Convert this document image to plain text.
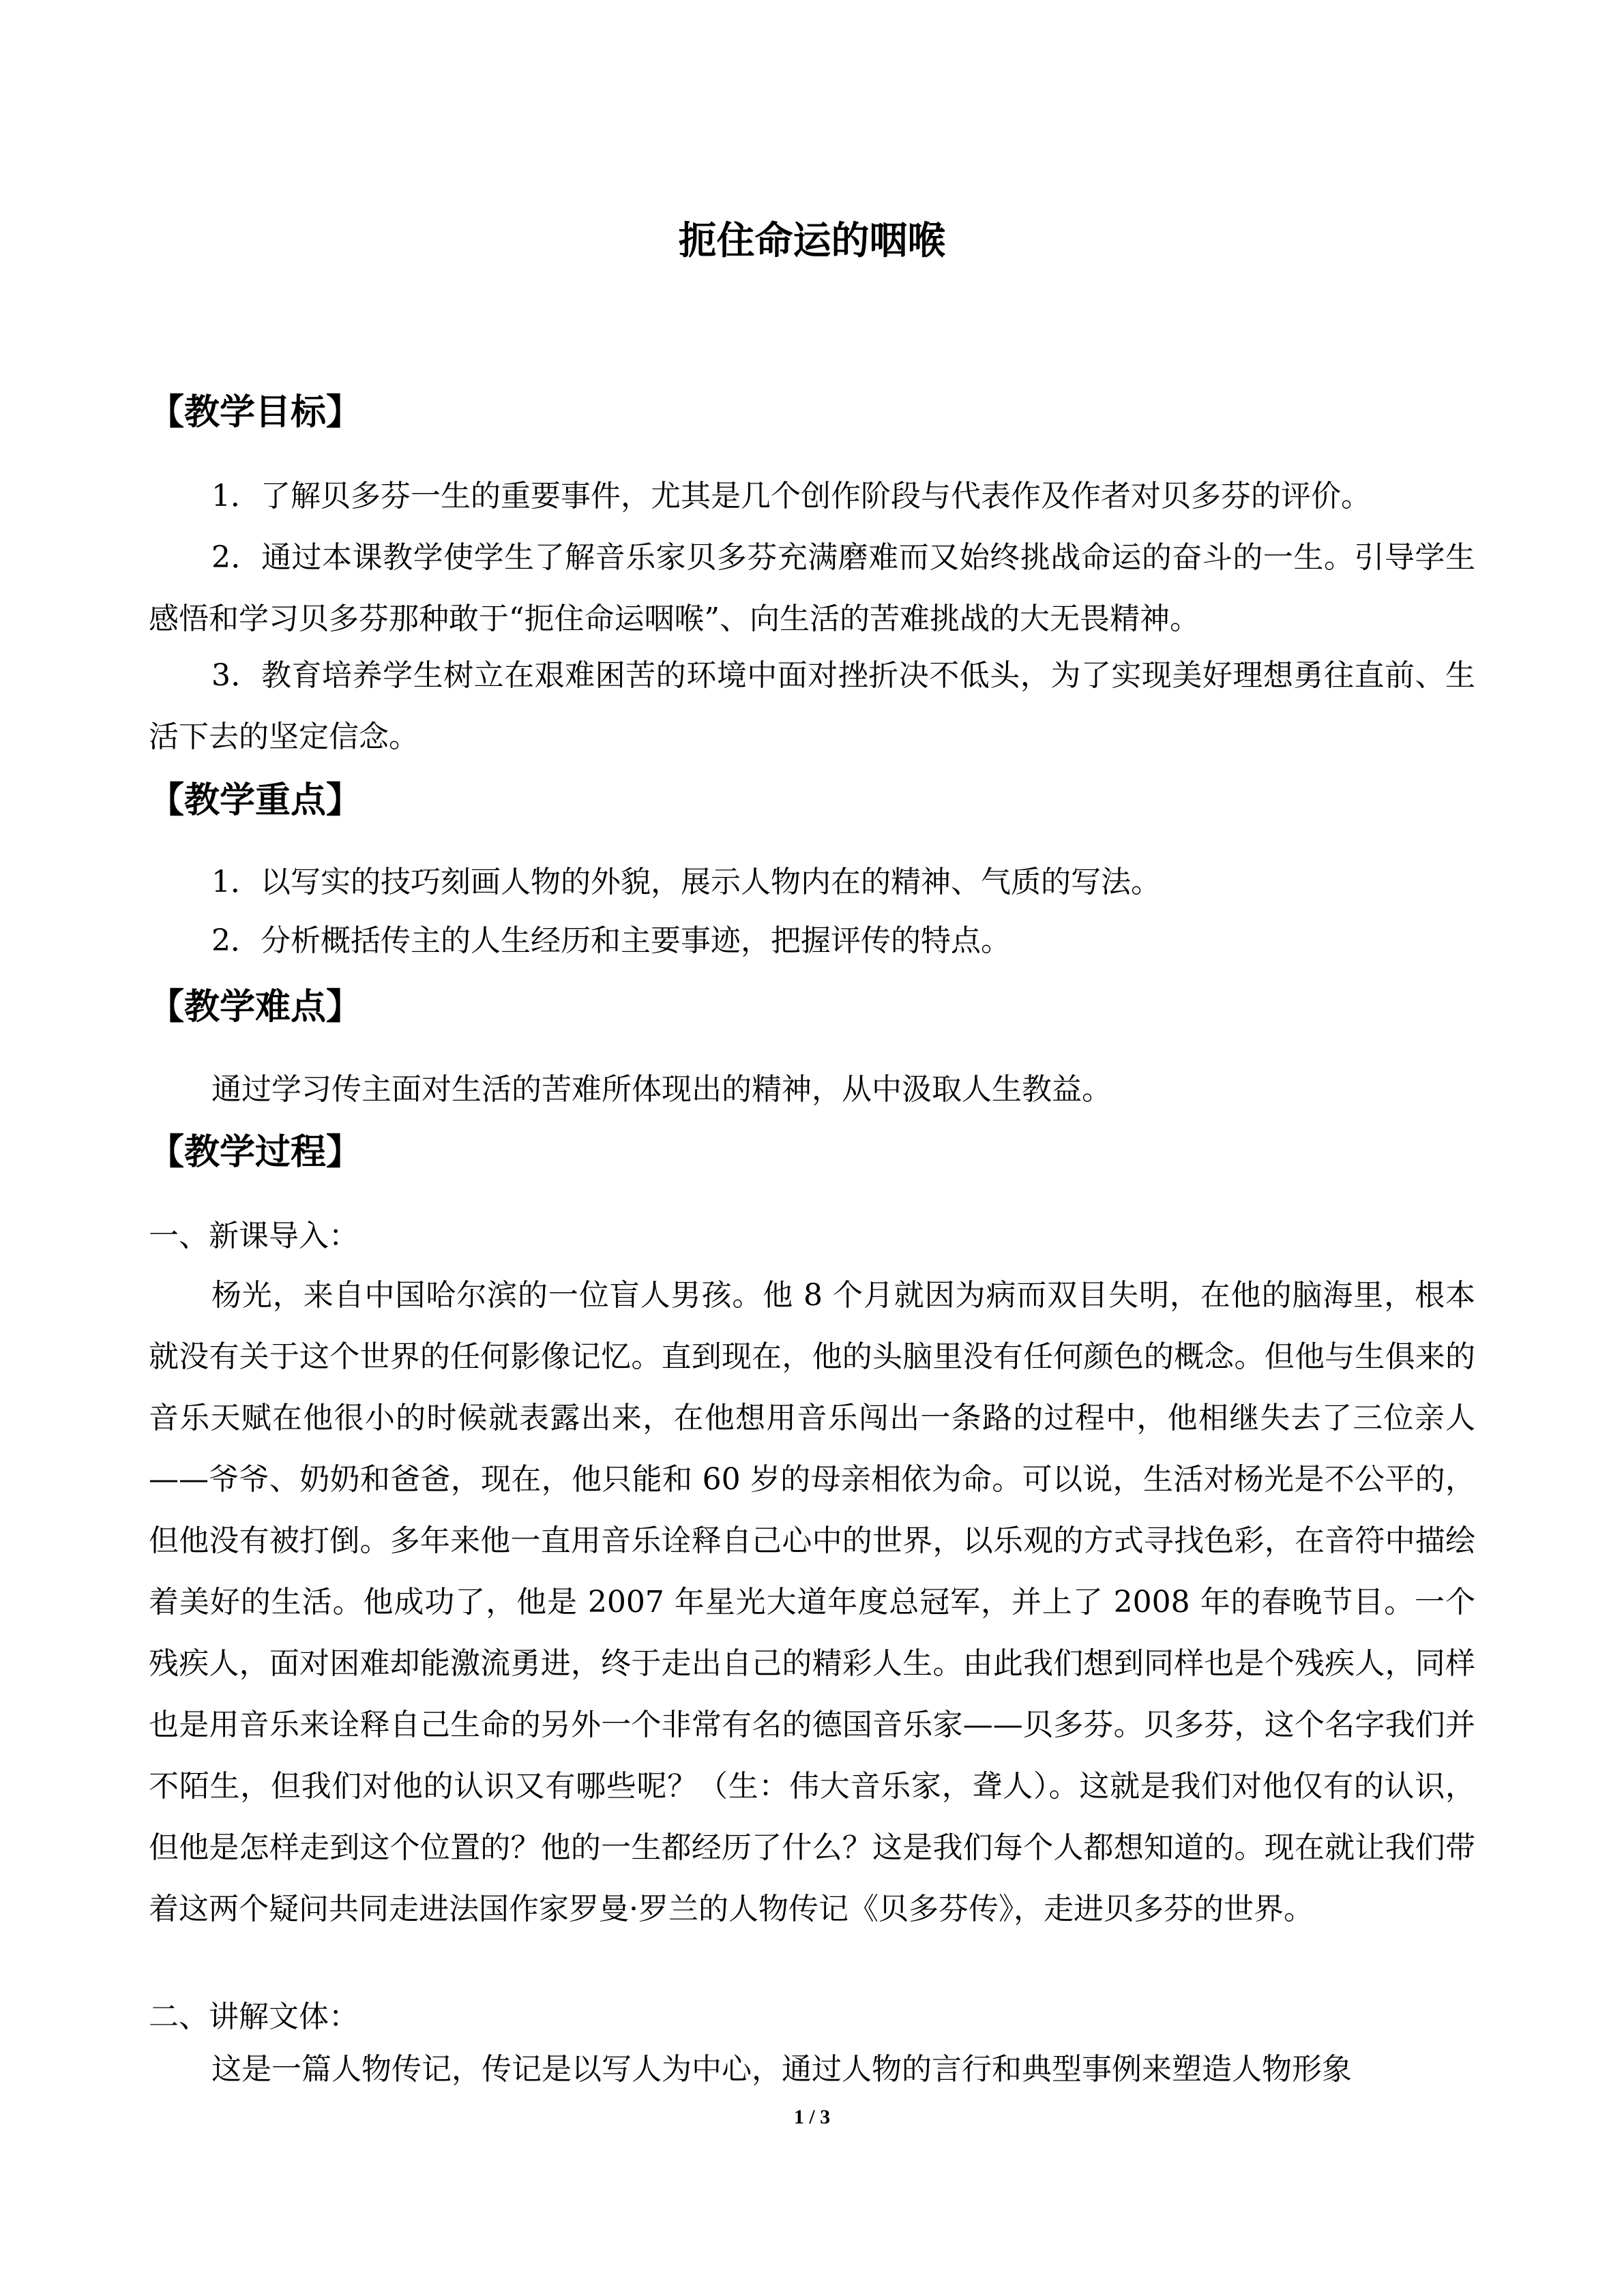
扼住命运的咽喉
【 教学目标 】

1．了解贝多芬一生的重要事件，尤其是几个创作阶段与代表作及作者对贝多芬的评价。

2．通过本课教学使学生了解音乐家贝多芬充满磨难而又始终挑战命运的奋斗的一生。引导学生感悟和学习贝多芬那种敢于“扼住命运咽喉”、向生活的苦难挑战的大无畏精神。

3．教育培养学生树立在艰难困苦的环境中面对挫折决不低头，为了实现美好理想勇往直前、生活下去的坚定信念。

【 教学重点 】

1．以写实的技巧刻画人物的外貌，展示人物内在的精神、气质的写法。

2．分析概括传主的人生经历和主要事迹，把握评传的特点。

【 教学难点 】

通过学习传主面对生活的苦难所体现出的精神，从中汲取人生教益。

【 教学过程 】
一、新课导入：

杨光，来自中国哈尔滨的一位盲人男孩。他 8 个月就因为病而双目失明，在他的脑海里，根本就没有关于这个世界的任何影像记忆。直到现在，他的头脑里没有任何颜色的概念。但他与生俱来的音乐天赋在他很小的时候就表露出来，在他想用音乐闯出一条路的过程中，他相继失去了三位亲人——爷爷、奶奶和爸爸，现在，他只能和 60 岁的母亲相依为命。可以说，生活对杨光是不公平的，但他没有被打倒。多年来他一直用音乐诠释自己心中的世界，以乐观的方式寻找色彩，在音符中描绘着美好的生活。他成功了，他是 2007 年星光大道年度总冠军，并上了 2008 年的春晚节目。一个残疾人，面对困难却能激流勇进，终于走出自己的精彩人生。由此我们想到同样也是个残疾人，同样也是用音乐来诠释自己生命的另外一个非常有名的德国音乐家——贝多芬。贝多芬，这个名字我们并不陌生，但我们对他的认识又有哪些呢？（生：伟大音乐家，聋人）。这就是我们对他仅有的认识，但他是怎样走到这个位置的？他的一生都经历了什么？这是我们每个人都想知道的。现在就让我们带着这两个疑问共同走进法国作家罗曼·罗兰的人物传记《贝多芬传》，走进贝多芬的世界。

二、讲解文体：

这是一篇人物传记，传记是以写人为中心，通过人物的言行和典型事例来塑造人物形象

1 / 3
